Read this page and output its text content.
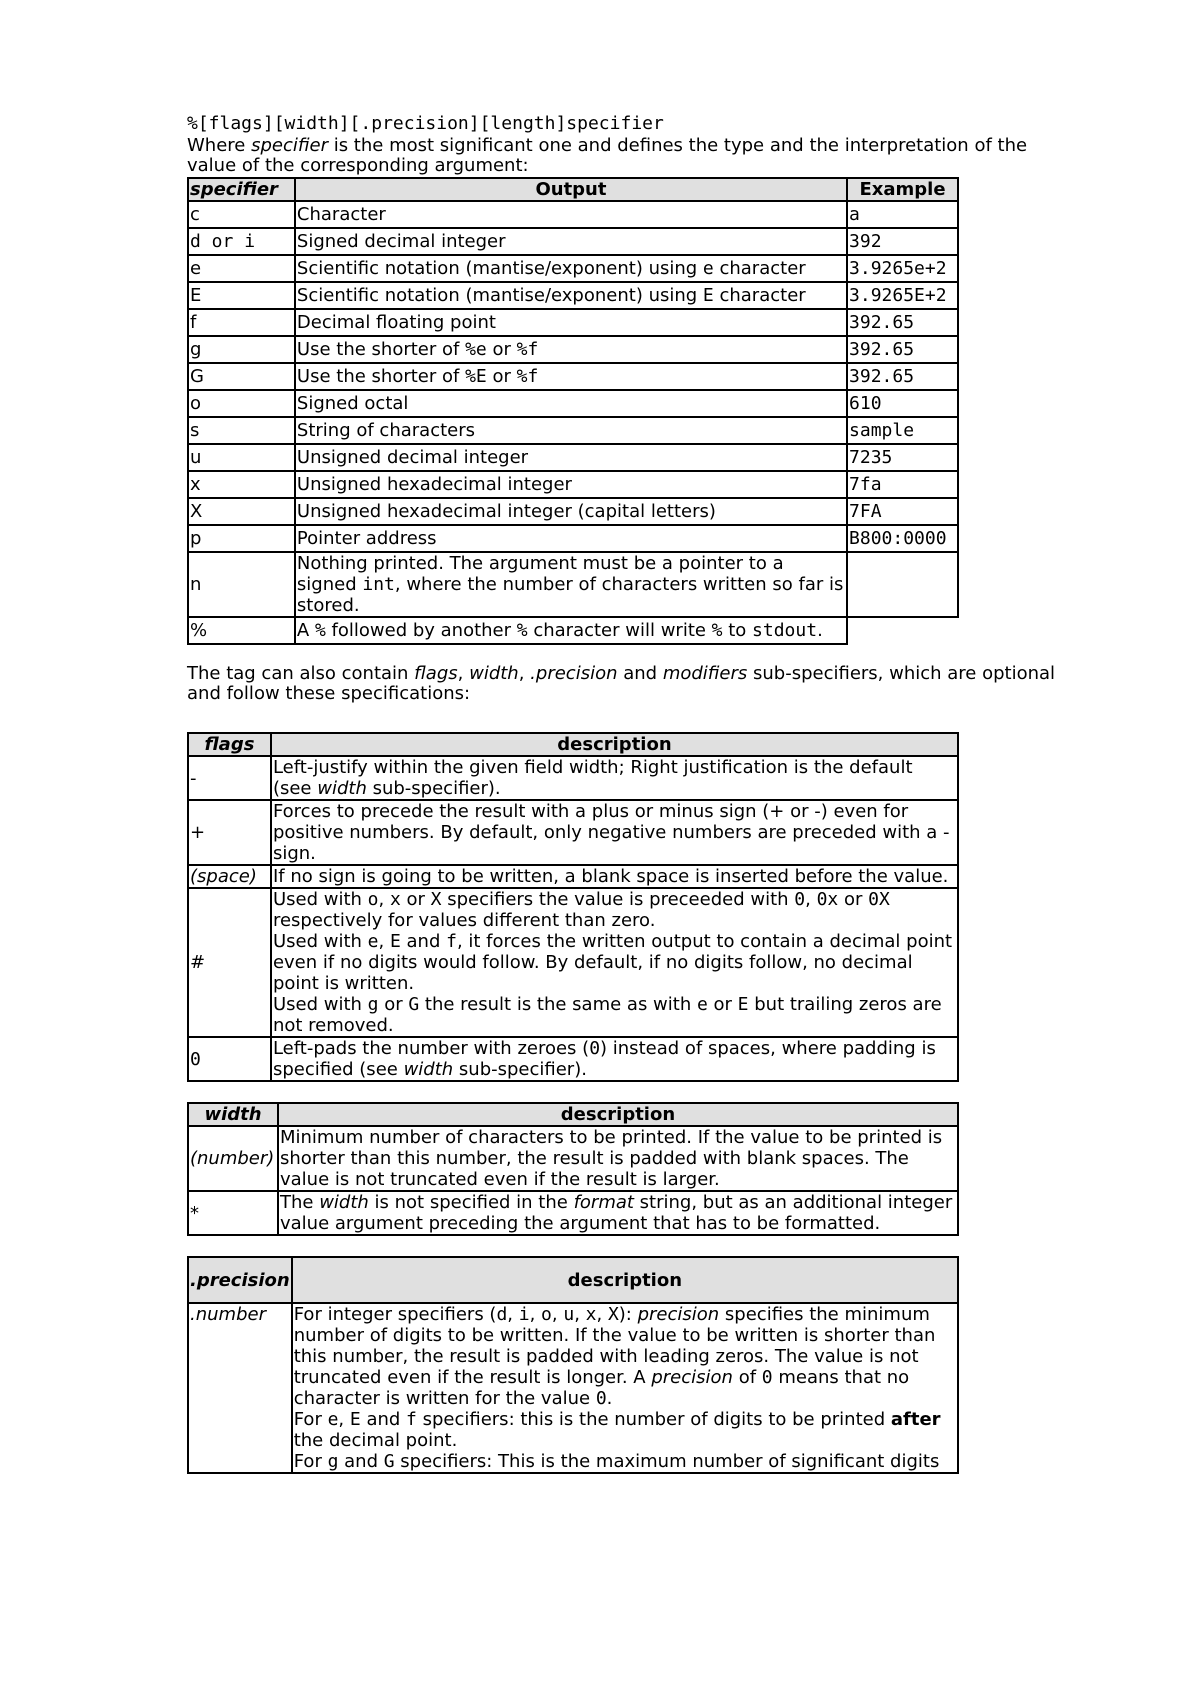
%[flags][width][.precision][length]specifier
Where specifier is the most significant one and defines the type and the interpretation of the value of the corresponding argument:
specifier	Output	Example
c	Character	a
d or i	Signed decimal integer	392
e	Scientific notation (mantise/exponent) using e character	3.9265e+2
E	Scientific notation (mantise/exponent) using E character	3.9265E+2
f	Decimal floating point	392.65
g	Use the shorter of %e or %f	392.65
G	Use the shorter of %E or %f	392.65
o	Signed octal	610
s	String of characters	sample
u	Unsigned decimal integer	7235
x	Unsigned hexadecimal integer	7fa
X	Unsigned hexadecimal integer (capital letters)	7FA
p	Pointer address	B800:0000
n	Nothing printed. The argument must be a pointer to a signed int, where the number of characters written so far is stored.	
%	A % followed by another % character will write % to stdout.	
The tag can also contain flags, width, .precision and modifiers sub-specifiers, which are optional and follow these specifications:
flags	description
-	Left-justify within the given field width; Right justification is the default (see width sub-specifier).
+	Forces to precede the result with a plus or minus sign (+ or -) even for positive numbers. By default, only negative numbers are preceded with a - sign.
(space)	If no sign is going to be written, a blank space is inserted before the value.
#	Used with o, x or X specifiers the value is preceeded with 0, 0x or 0X respectively for values different than zero.
Used with e, E and f, it forces the written output to contain a decimal point even if no digits would follow. By default, if no digits follow, no decimal point is written.
Used with g or G the result is the same as with e or E but trailing zeros are not removed.

0	Left-pads the number with zeroes (0) instead of spaces, where padding is specified (see width sub-specifier).
width	description
(number)	Minimum number of characters to be printed. If the value to be printed is shorter than this number, the result is padded with blank spaces. The value is not truncated even if the result is larger.
*	The width is not specified in the format string, but as an additional integer value argument preceding the argument that has to be formatted.
.precision	description
.number	For integer specifiers (d, i, o, u, x, X): precision specifies the minimum number of digits to be written. If the value to be written is shorter than this number, the result is padded with leading zeros. The value is not truncated even if the result is longer. A precision of 0 means that no character is written for the value 0.
For e, E and f specifiers: this is the number of digits to be printed after the decimal point.
For g and G specifiers: This is the maximum number of significant digits
